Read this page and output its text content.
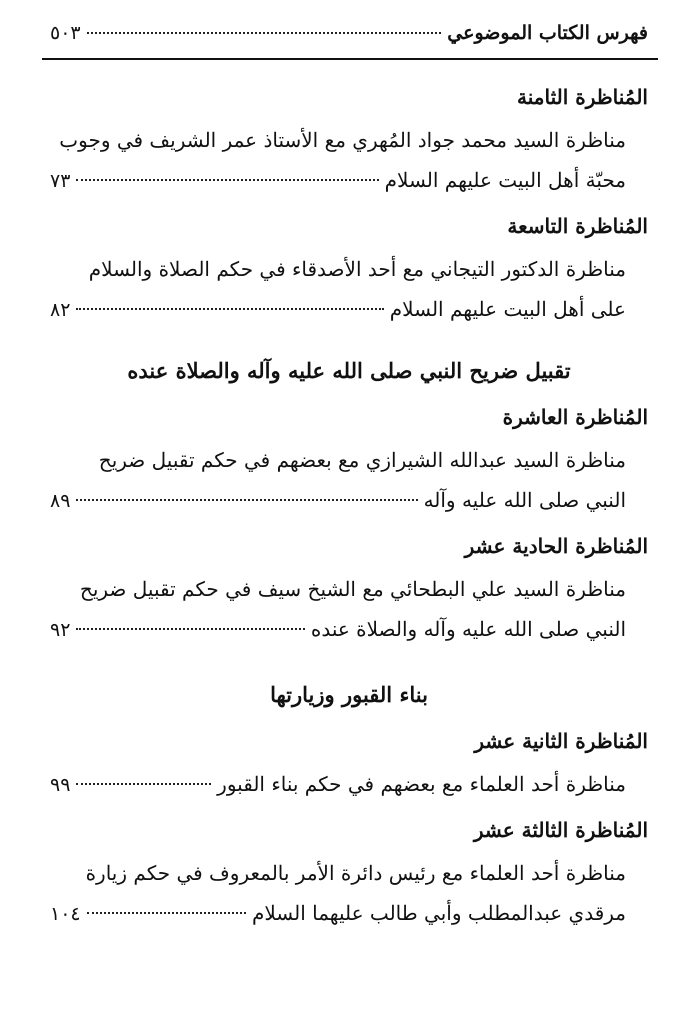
فهرس الكتاب الموضوعي
٥٠٣
المُناظرة الثامنة
مناظرة السيد محمد جواد المُهري مع الأستاذ عمر الشريف في وجوب
محبّة أهل البيت عليهم السلام
٧٣
المُناظرة التاسعة
مناظرة الدكتور التيجاني مع أحد الأصدقاء في حكم الصلاة والسلام
على أهل البيت عليهم السلام
٨٢
تقبيل ضريح النبي صلى الله عليه وآله والصلاة عنده
المُناظرة العاشرة
مناظرة السيد عبدالله الشيرازي مع بعضهم في حكم تقبيل ضريح
النبي صلى الله عليه وآله
٨٩
المُناظرة الحادية عشر
مناظرة السيد علي البطحائي مع الشيخ سيف في حكم تقبيل ضريح
النبي صلى الله عليه وآله والصلاة عنده
٩٢
بناء القبور وزيارتها
المُناظرة الثانية عشر
مناظرة أحد العلماء مع بعضهم في حكم بناء القبور
٩٩
المُناظرة الثالثة عشر
مناظرة أحد العلماء مع رئيس دائرة الأمر بالمعروف في حكم زيارة
مرقدي عبدالمطلب وأبي طالب عليهما السلام
١٠٤
